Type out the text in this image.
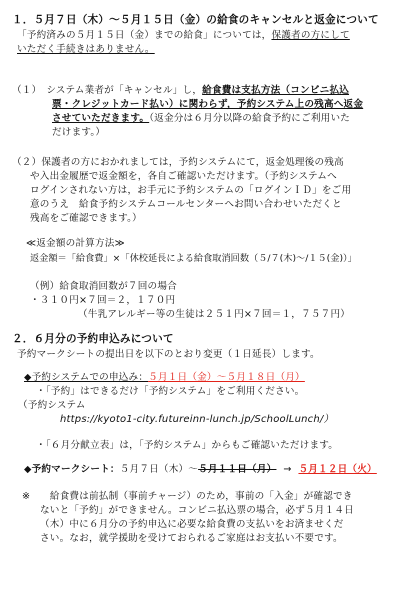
１．５月７日（木）～５月１５日（金）の給食のキャンセルと返金について
「予約済みの５月１５日（金）までの給食」については，保護者の方にして
いただく手続きはありません。
（１）　システム業者が「キャンセル」し，給食費は支払方法（コンビニ払込
票・クレジットカード払い）に関わらず，予約システム上の残高へ返金
させていただきます。（返金分は６月分以降の給食予約にご利用いた
だけます。）
（２）保護者の方におかれましては，予約システムにて，返金処理後の残高
や入出金履歴で返金額を，各自ご確認いただけます。（予約システムへ
ログインされない方は，お手元に予約システムの「ログインＩＤ」をご用
意のうえ　給食予約システムコールセンターへお問い合わせいただくと
残高をご確認できます。）
≪返金額の計算方法≫
返金額＝「給食費」×「休校延長による給食取消回数（５/７(木)～/１５(金)）」
（例）給食取消回数が７回の場合
・３１０円×７回＝２，１７０円
（牛乳アレルギー等の生徒は２５１円×７回＝１，７５７円）
２．６月分の予約申込みについて
予約マークシートの提出日を以下のとおり変更（１日延長）します。
◆予約システムでの申込み：５月１日（金）～５月１８日（月）
・「予約」はできるだけ「予約システム」をご利用ください。
（予約システム
https://kyoto1-city.futureinn-lunch.jp/SchoolLunch/）
・「６月分献立表」は，「予約システム」からもご確認いただけます。
◆予約マークシート：５月７日（木）～５月１１日（月） → ５月１２日（火）
※　　給食費は前払制（事前チャージ）のため，事前の「入金」が確認でき
ないと「予約」ができません。コンビニ払込票の場合，必ず５月１４日
（木）中に６月分の予約申込に必要な給食費の支払いをお済ませくだ
さい。なお，就学援助を受けておられるご家庭はお支払い不要です。
